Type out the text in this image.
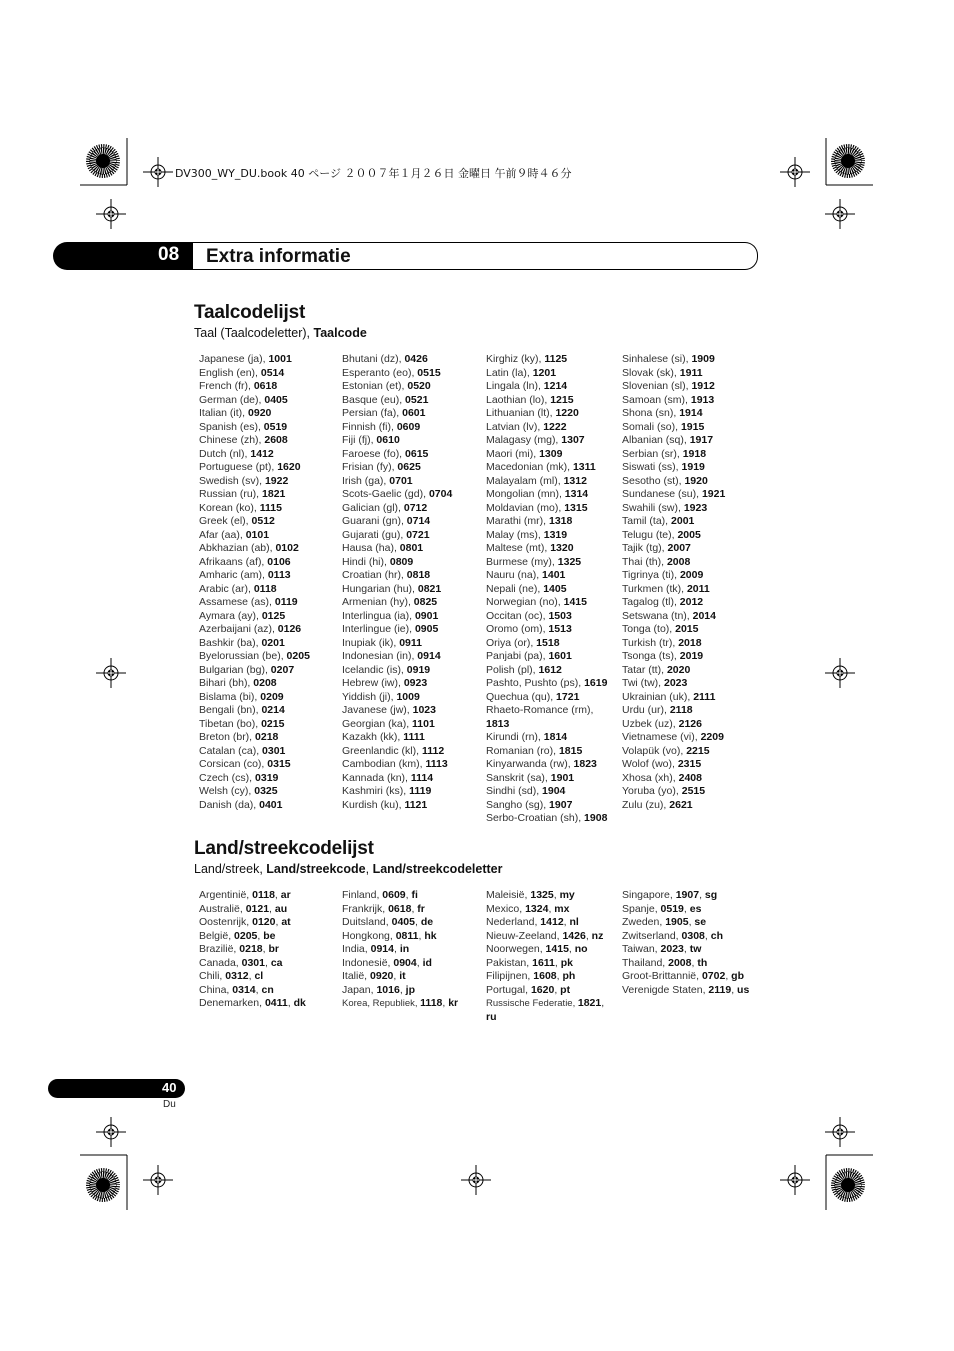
DV300_WY_DU.book 40 ページ ２００７年１月２６日 金曜日 午前９時４６分
08 Extra informatie
Taalcodelijst
Taal (Taalcodeletter), Taalcode
Japanese (ja), 1001
English (en), 0514
French (fr), 0618
German (de), 0405
Italian (it), 0920
Spanish (es), 0519
Chinese (zh), 2608
Dutch (nl), 1412
Portuguese (pt), 1620
Swedish (sv), 1922
Russian (ru), 1821
Korean (ko), 1115
Greek (el), 0512
Afar (aa), 0101
Abkhazian (ab), 0102
Afrikaans (af), 0106
Amharic (am), 0113
Arabic (ar), 0118
Assamese (as), 0119
Aymara (ay), 0125
Azerbaijani (az), 0126
Bashkir (ba), 0201
Byelorussian (be), 0205
Bulgarian (bg), 0207
Bihari (bh), 0208
Bislama (bi), 0209
Bengali (bn), 0214
Tibetan (bo), 0215
Breton (br), 0218
Catalan (ca), 0301
Corsican (co), 0315
Czech (cs), 0319
Welsh (cy), 0325
Danish (da), 0401
Bhutani (dz), 0426
Esperanto (eo), 0515
Estonian (et), 0520
Basque (eu), 0521
Persian (fa), 0601
Finnish (fi), 0609
Fiji (fj), 0610
Faroese (fo), 0615
Frisian (fy), 0625
Irish (ga), 0701
Scots-Gaelic (gd), 0704
Galician (gl), 0712
Guarani (gn), 0714
Gujarati (gu), 0721
Hausa (ha), 0801
Hindi (hi), 0809
Croatian (hr), 0818
Hungarian (hu), 0821
Armenian (hy), 0825
Interlingua (ia), 0901
Interlingue (ie), 0905
Inupiak (ik), 0911
Indonesian (in), 0914
Icelandic (is), 0919
Hebrew (iw), 0923
Yiddish (ji), 1009
Javanese (jw), 1023
Georgian (ka), 1101
Kazakh (kk), 1111
Greenlandic (kl), 1112
Cambodian (km), 1113
Kannada (kn), 1114
Kashmiri (ks), 1119
Kurdish (ku), 1121
Kirghiz (ky), 1125
Latin (la), 1201
Lingala (ln), 1214
Laothian (lo), 1215
Lithuanian (lt), 1220
Latvian (lv), 1222
Malagasy (mg), 1307
Maori (mi), 1309
Macedonian (mk), 1311
Malayalam (ml), 1312
Mongolian (mn), 1314
Moldavian (mo), 1315
Marathi (mr), 1318
Malay (ms), 1319
Maltese (mt), 1320
Burmese (my), 1325
Nauru (na), 1401
Nepali (ne), 1405
Norwegian (no), 1415
Occitan (oc), 1503
Oromo (om), 1513
Oriya (or), 1518
Panjabi (pa), 1601
Polish (pl), 1612
Pashto, Pushto (ps), 1619
Quechua (qu), 1721
Rhaeto-Romance (rm), 1813
Kirundi (rn), 1814
Romanian (ro), 1815
Kinyarwanda (rw), 1823
Sanskrit (sa), 1901
Sindhi (sd), 1904
Sangho (sg), 1907
Serbo-Croatian (sh), 1908
Sinhalese (si), 1909
Slovak (sk), 1911
Slovenian (sl), 1912
Samoan (sm), 1913
Shona (sn), 1914
Somali (so), 1915
Albanian (sq), 1917
Serbian (sr), 1918
Siswati (ss), 1919
Sesotho (st), 1920
Sundanese (su), 1921
Swahili (sw), 1923
Tamil (ta), 2001
Telugu (te), 2005
Tajik (tg), 2007
Thai (th), 2008
Tigrinya (ti), 2009
Turkmen (tk), 2011
Tagalog (tl), 2012
Setswana (tn), 2014
Tonga (to), 2015
Turkish (tr), 2018
Tsonga (ts), 2019
Tatar (tt), 2020
Twi (tw), 2023
Ukrainian (uk), 2111
Urdu (ur), 2118
Uzbek (uz), 2126
Vietnamese (vi), 2209
Volapük (vo), 2215
Wolof (wo), 2315
Xhosa (xh), 2408
Yoruba (yo), 2515
Zulu (zu), 2621
Land/streekcodelijst
Land/streek, Land/streekcode, Land/streekcodeletter
Argentinië, 0118, ar
Australië, 0121, au
Oostenrijk, 0120, at
België, 0205, be
Brazilië, 0218, br
Canada, 0301, ca
Chili, 0312, cl
China, 0314, cn
Denemarken, 0411, dk
Finland, 0609, fi
Frankrijk, 0618, fr
Duitsland, 0405, de
Hongkong, 0811, hk
India, 0914, in
Indonesië, 0904, id
Italië, 0920, it
Japan, 1016, jp
Korea, Republiek, 1118, kr
Maleisië, 1325, my
Mexico, 1324, mx
Nederland, 1412, nl
Nieuw-Zeeland, 1426, nz
Noorwegen, 1415, no
Pakistan, 1611, pk
Filipijnen, 1608, ph
Portugal, 1620, pt
Russische Federatie, 1821, ru
Singapore, 1907, sg
Spanje, 0519, es
Zweden, 1905, se
Zwitserland, 0308, ch
Taiwan, 2023, tw
Thailand, 2008, th
Groot-Brittannië, 0702, gb
Verenigde Staten, 2119, us
40
Du
